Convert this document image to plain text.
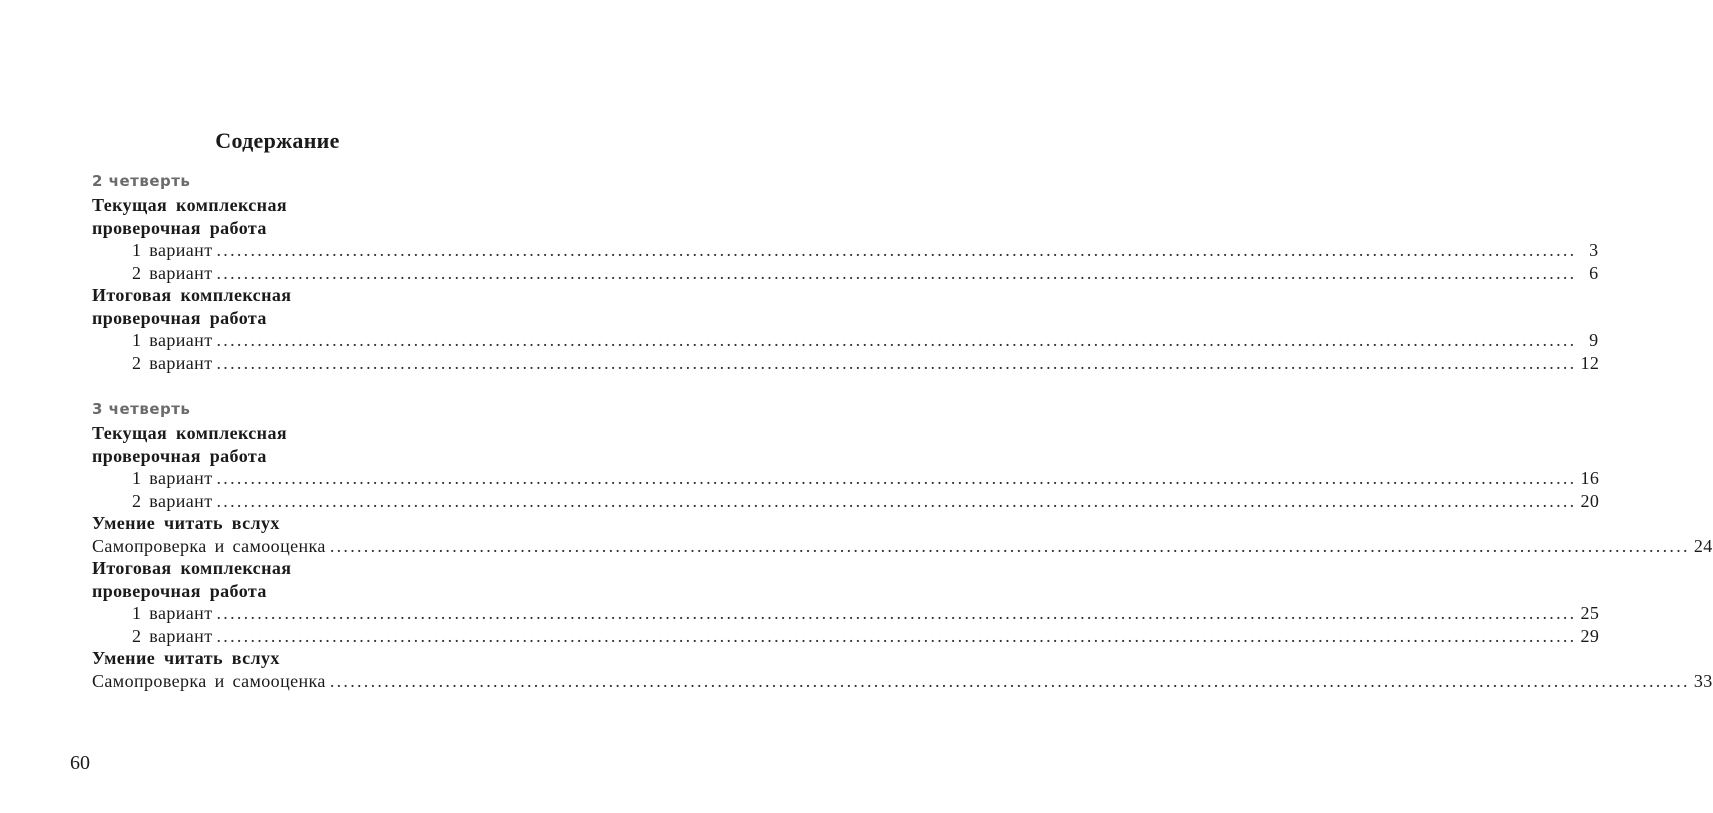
Содержание
2 четверть
Текущая комплексная
проверочная работа
1 вариант ........................................................................................................................................................................................................ 3
2 вариант ........................................................................................................................................................................................................ 6
Итоговая комплексная
проверочная работа
1 вариант ........................................................................................................................................................................................................ 9
2 вариант ........................................................................................................................................................................................................ 12
3 четверть
Текущая комплексная
проверочная работа
1 вариант ........................................................................................................................................................................................................ 16
2 вариант ........................................................................................................................................................................................................ 20
Умение читать вслух
Самопроверка и самооценка ........................................................................................................................................................................................................ 24
Итоговая комплексная
проверочная работа
1 вариант ........................................................................................................................................................................................................ 25
2 вариант ........................................................................................................................................................................................................ 29
Умение читать вслух
Самопроверка и самооценка ........................................................................................................................................................................................................ 33
60
